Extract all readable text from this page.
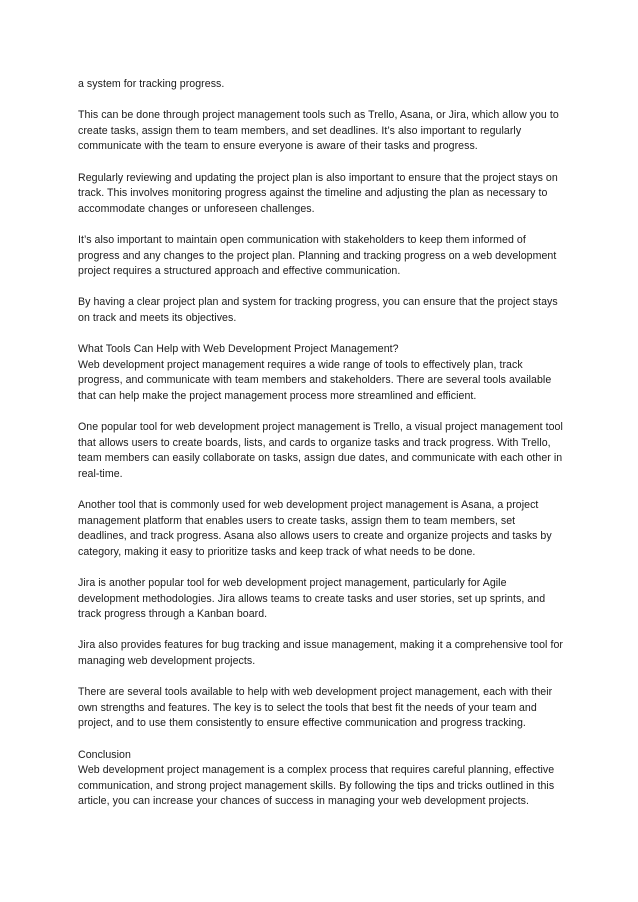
a system for tracking progress.

This can be done through project management tools such as Trello, Asana, or Jira, which allow you to create tasks, assign them to team members, and set deadlines. It’s also important to regularly communicate with the team to ensure everyone is aware of their tasks and progress.

Regularly reviewing and updating the project plan is also important to ensure that the project stays on track. This involves monitoring progress against the timeline and adjusting the plan as necessary to accommodate changes or unforeseen challenges.

It’s also important to maintain open communication with stakeholders to keep them informed of progress and any changes to the project plan. Planning and tracking progress on a web development project requires a structured approach and effective communication.

By having a clear project plan and system for tracking progress, you can ensure that the project stays on track and meets its objectives.

What Tools Can Help with Web Development Project Management?
Web development project management requires a wide range of tools to effectively plan, track progress, and communicate with team members and stakeholders. There are several tools available that can help make the project management process more streamlined and efficient.

One popular tool for web development project management is Trello, a visual project management tool that allows users to create boards, lists, and cards to organize tasks and track progress. With Trello, team members can easily collaborate on tasks, assign due dates, and communicate with each other in real-time.

Another tool that is commonly used for web development project management is Asana, a project management platform that enables users to create tasks, assign them to team members, set deadlines, and track progress. Asana also allows users to create and organize projects and tasks by category, making it easy to prioritize tasks and keep track of what needs to be done.

Jira is another popular tool for web development project management, particularly for Agile development methodologies. Jira allows teams to create tasks and user stories, set up sprints, and track progress through a Kanban board.

Jira also provides features for bug tracking and issue management, making it a comprehensive tool for managing web development projects.

There are several tools available to help with web development project management, each with their own strengths and features. The key is to select the tools that best fit the needs of your team and project, and to use them consistently to ensure effective communication and progress tracking.

Conclusion
Web development project management is a complex process that requires careful planning, effective communication, and strong project management skills. By following the tips and tricks outlined in this article, you can increase your chances of success in managing your web development projects.
